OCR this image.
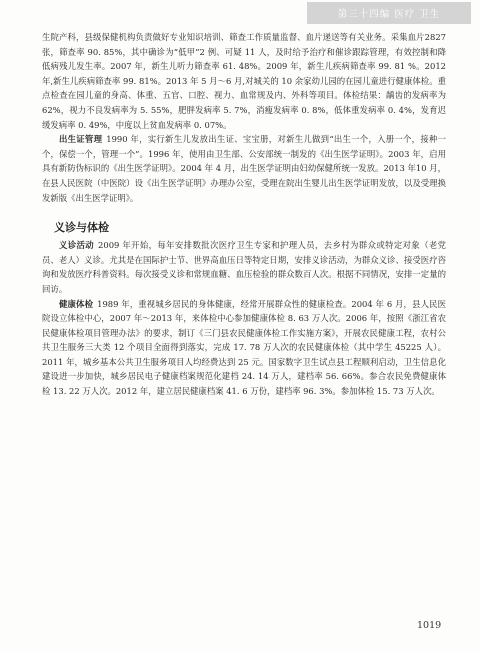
第三十四编 医疗 卫生

生院产科，县级保健机构负责做好专业知识培训、筛查工作质量监督、血片递送等有关业务。采集血片2827 张，筛查率 90. 85%，其中确诊为“低甲”2 例、可疑 11 人，及时给予治疗和催诊跟踪管理，有效控制和降低病残儿发生率。2007 年，新生儿听力筛查率 61. 48%。2009 年，新生儿疾病筛查率 99. 81 %。2012 年,新生儿疾病筛查率 99. 81%。2013 年 5 月～6 月,对城关的 10 余家幼儿园的在园儿童进行健康体检。重点检查在园儿童的身高、体重、五官、口腔、视力、血常规及内、外科等项目。体检结果：龋齿的发病率为 62%，视力不良发病率为 5. 55%，肥胖发病率 5. 7%，消瘦发病率 0. 8%，低体重发病率 0. 4%，发育迟缓发病率 0. 49%，中度以上贫血发病率 0. 07%。

出生证管理 1990 年，实行新生儿发放出生证、宝宝册，对新生儿做到“出生一个，入册一个，接种一个，保偿一个，管理一个”。1996 年，使用由卫生部、公安部统一制发的《出生医学证明》。2003 年，启用具有新防伪标识的《出生医学证明》。2004 年 4 月，出生医学证明由妇幼保健所统一发放。2013 年10 月，在县人民医院（中医院）设《出生医学证明》办理办公室，受理在院出生婴儿出生医学证明发放，以及受理换发新版《出生医学证明》。

义诊与体检

义诊活动 2009 年开始，每年安排数批次医疗卫生专家和护理人员，去乡村为群众或特定对象（老党员、老人）义诊。尤其是在国际护士节、世界高血压日等特定日期，安排义诊活动，为群众义诊、接受医疗咨询和发放医疗科普资料。每次接受义诊和常规血糖、血压检验的群众数百人次。根据不同情况，安排一定量的回访。

健康体检 1989 年，重视城乡居民的身体健康，经常开展群众性的健康检查。2004 年 6 月，县人民医院设立体检中心，2007 年～2013 年，来体检中心参加健康体检 8. 63 万人次。2006 年，按照《浙江省农民健康体检项目管理办法》的要求，制订《三门县农民健康体检工作实施方案》，开展农民健康工程，农村公共卫生服务三大类 12 个项目全面得到落实，完成 17. 78 万人次的农民健康体检（其中学生 45225 人）。2011 年，城乡基本公共卫生服务项目人均经费达到 25 元。国家数字卫生试点县工程顺利启动，卫生信息化建设进一步加快，城乡居民电子健康档案规范化建档 24. 14 万人，建档率 56. 66%。参合农民免费健康体检 13. 22 万人次。2012 年，建立居民健康档案 41. 6 万份，建档率 96. 3%。参加体检 15. 73 万人次。

1019
